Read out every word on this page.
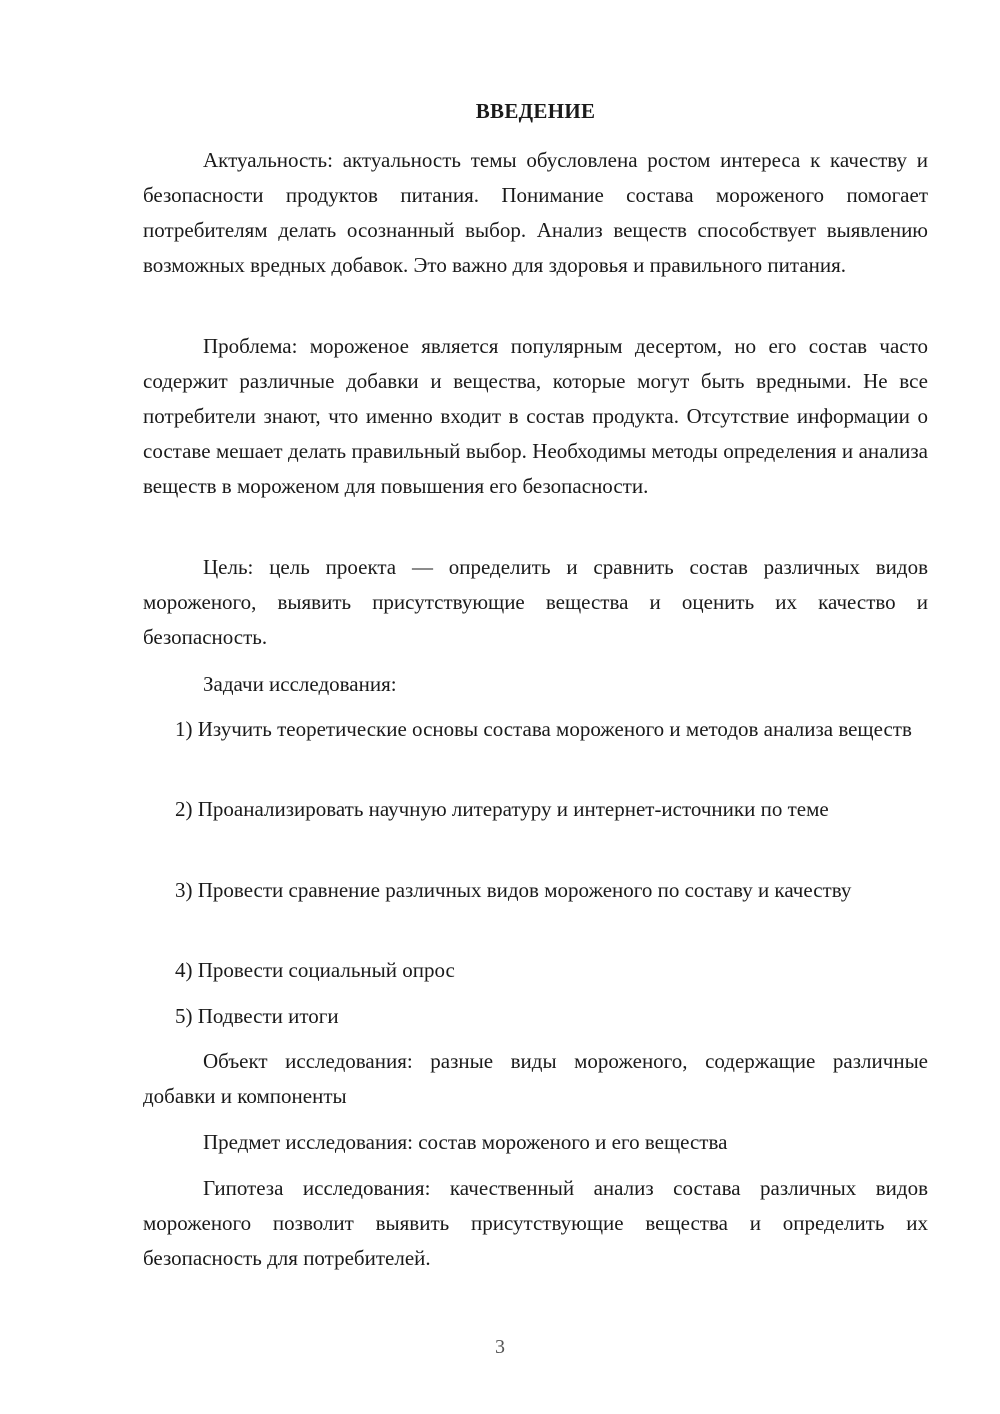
ВВЕДЕНИЕ

Актуальность: актуальность темы обусловлена ростом интереса к качеству и безопасности продуктов питания. Понимание состава мороженого помогает потребителям делать осознанный выбор. Анализ веществ способствует выявлению возможных вредных добавок. Это важно для здоровья и правильного питания.

Проблема: мороженое является популярным десертом, но его состав часто содержит различные добавки и вещества, которые могут быть вредными. Не все потребители знают, что именно входит в состав продукта. Отсутствие информации о составе мешает делать правильный выбор. Необходимы методы определения и анализа веществ в мороженом для повышения его безопасности.

Цель: цель проекта — определить и сравнить состав различных видов мороженого, выявить присутствующие вещества и оценить их качество и безопасность.

Задачи исследования:

1) Изучить теоретические основы состава мороженого и методов анализа веществ

2) Проанализировать научную литературу и интернет-источники по теме

3) Провести сравнение различных видов мороженого по составу и качеству

4) Провести социальный опрос

5) Подвести итоги

Объект исследования: разные виды мороженого, содержащие различные добавки и компоненты

Предмет исследования: состав мороженого и его вещества

Гипотеза исследования: качественный анализ состава различных видов мороженого позволит выявить присутствующие вещества и определить их безопасность для потребителей.

3
